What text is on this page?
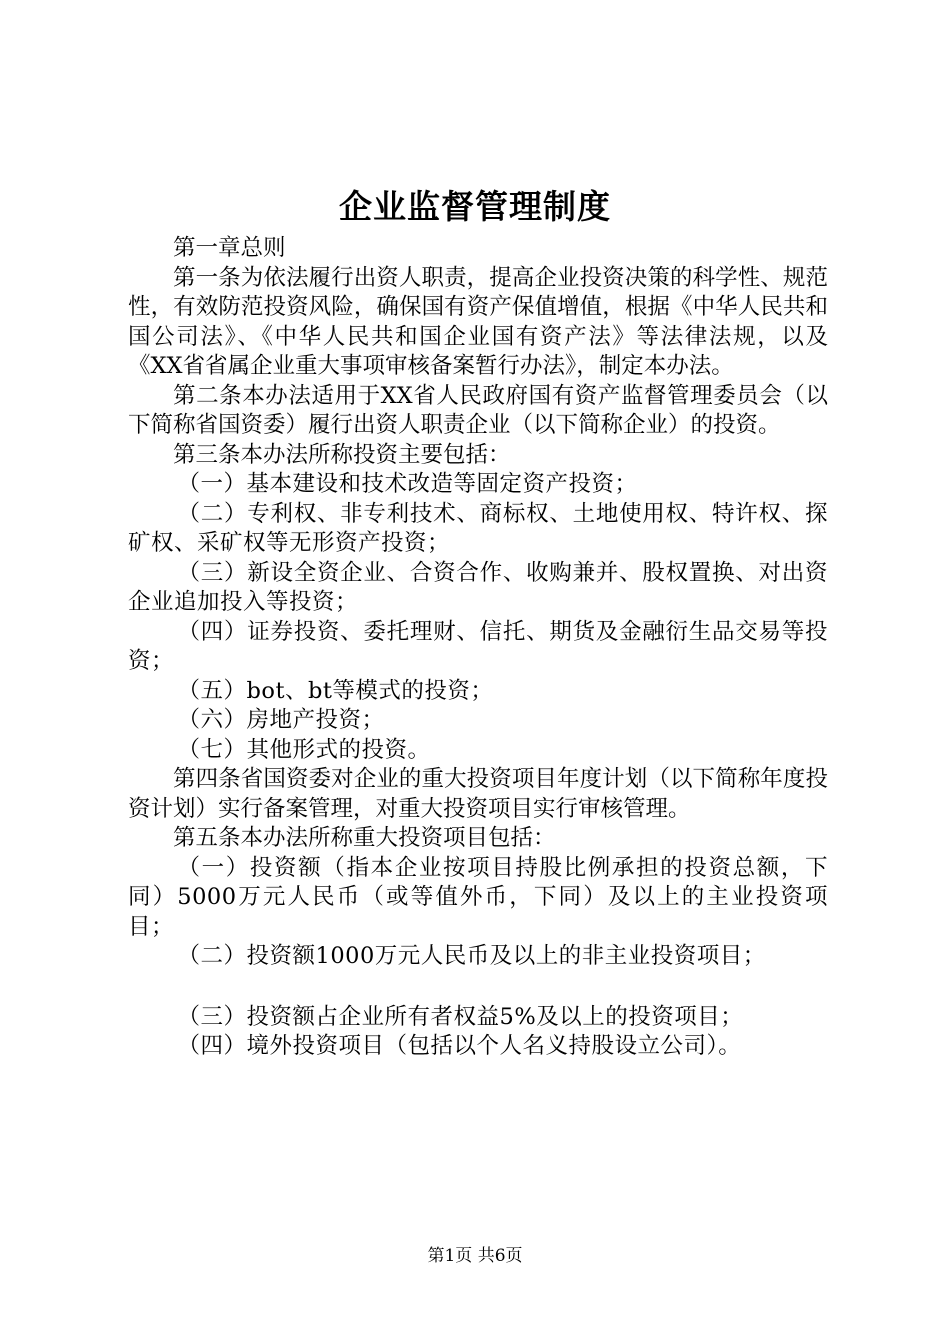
企业监督管理制度

第一章总则

第一条为依法履行出资人职责，提高企业投资决策的科学性、规范性，有效防范投资风险，确保国有资产保值增值，根据《中华人民共和国公司法》、《中华人民共和国企业国有资产法》等法律法规，以及《XX省省属企业重大事项审核备案暂行办法》，制定本办法。

第二条本办法适用于XX省人民政府国有资产监督管理委员会（以下简称省国资委）履行出资人职责企业（以下简称企业）的投资。

第三条本办法所称投资主要包括：

（一）基本建设和技术改造等固定资产投资；

（二）专利权、非专利技术、商标权、土地使用权、特许权、探矿权、采矿权等无形资产投资；

（三）新设全资企业、合资合作、收购兼并、股权置换、对出资企业追加投入等投资；

（四）证券投资、委托理财、信托、期货及金融衍生品交易等投资；

（五）bot、bt等模式的投资；

（六）房地产投资；

（七）其他形式的投资。

第四条省国资委对企业的重大投资项目年度计划（以下简称年度投资计划）实行备案管理，对重大投资项目实行审核管理。

第五条本办法所称重大投资项目包括：

（一）投资额（指本企业按项目持股比例承担的投资总额，下同）5000万元人民币（或等值外币，下同）及以上的主业投资项目；

（二）投资额1000万元人民币及以上的非主业投资项目；

（三）投资额占企业所有者权益5%及以上的投资项目；

（四）境外投资项目（包括以个人名义持股设立公司）。

第1页 共6页
